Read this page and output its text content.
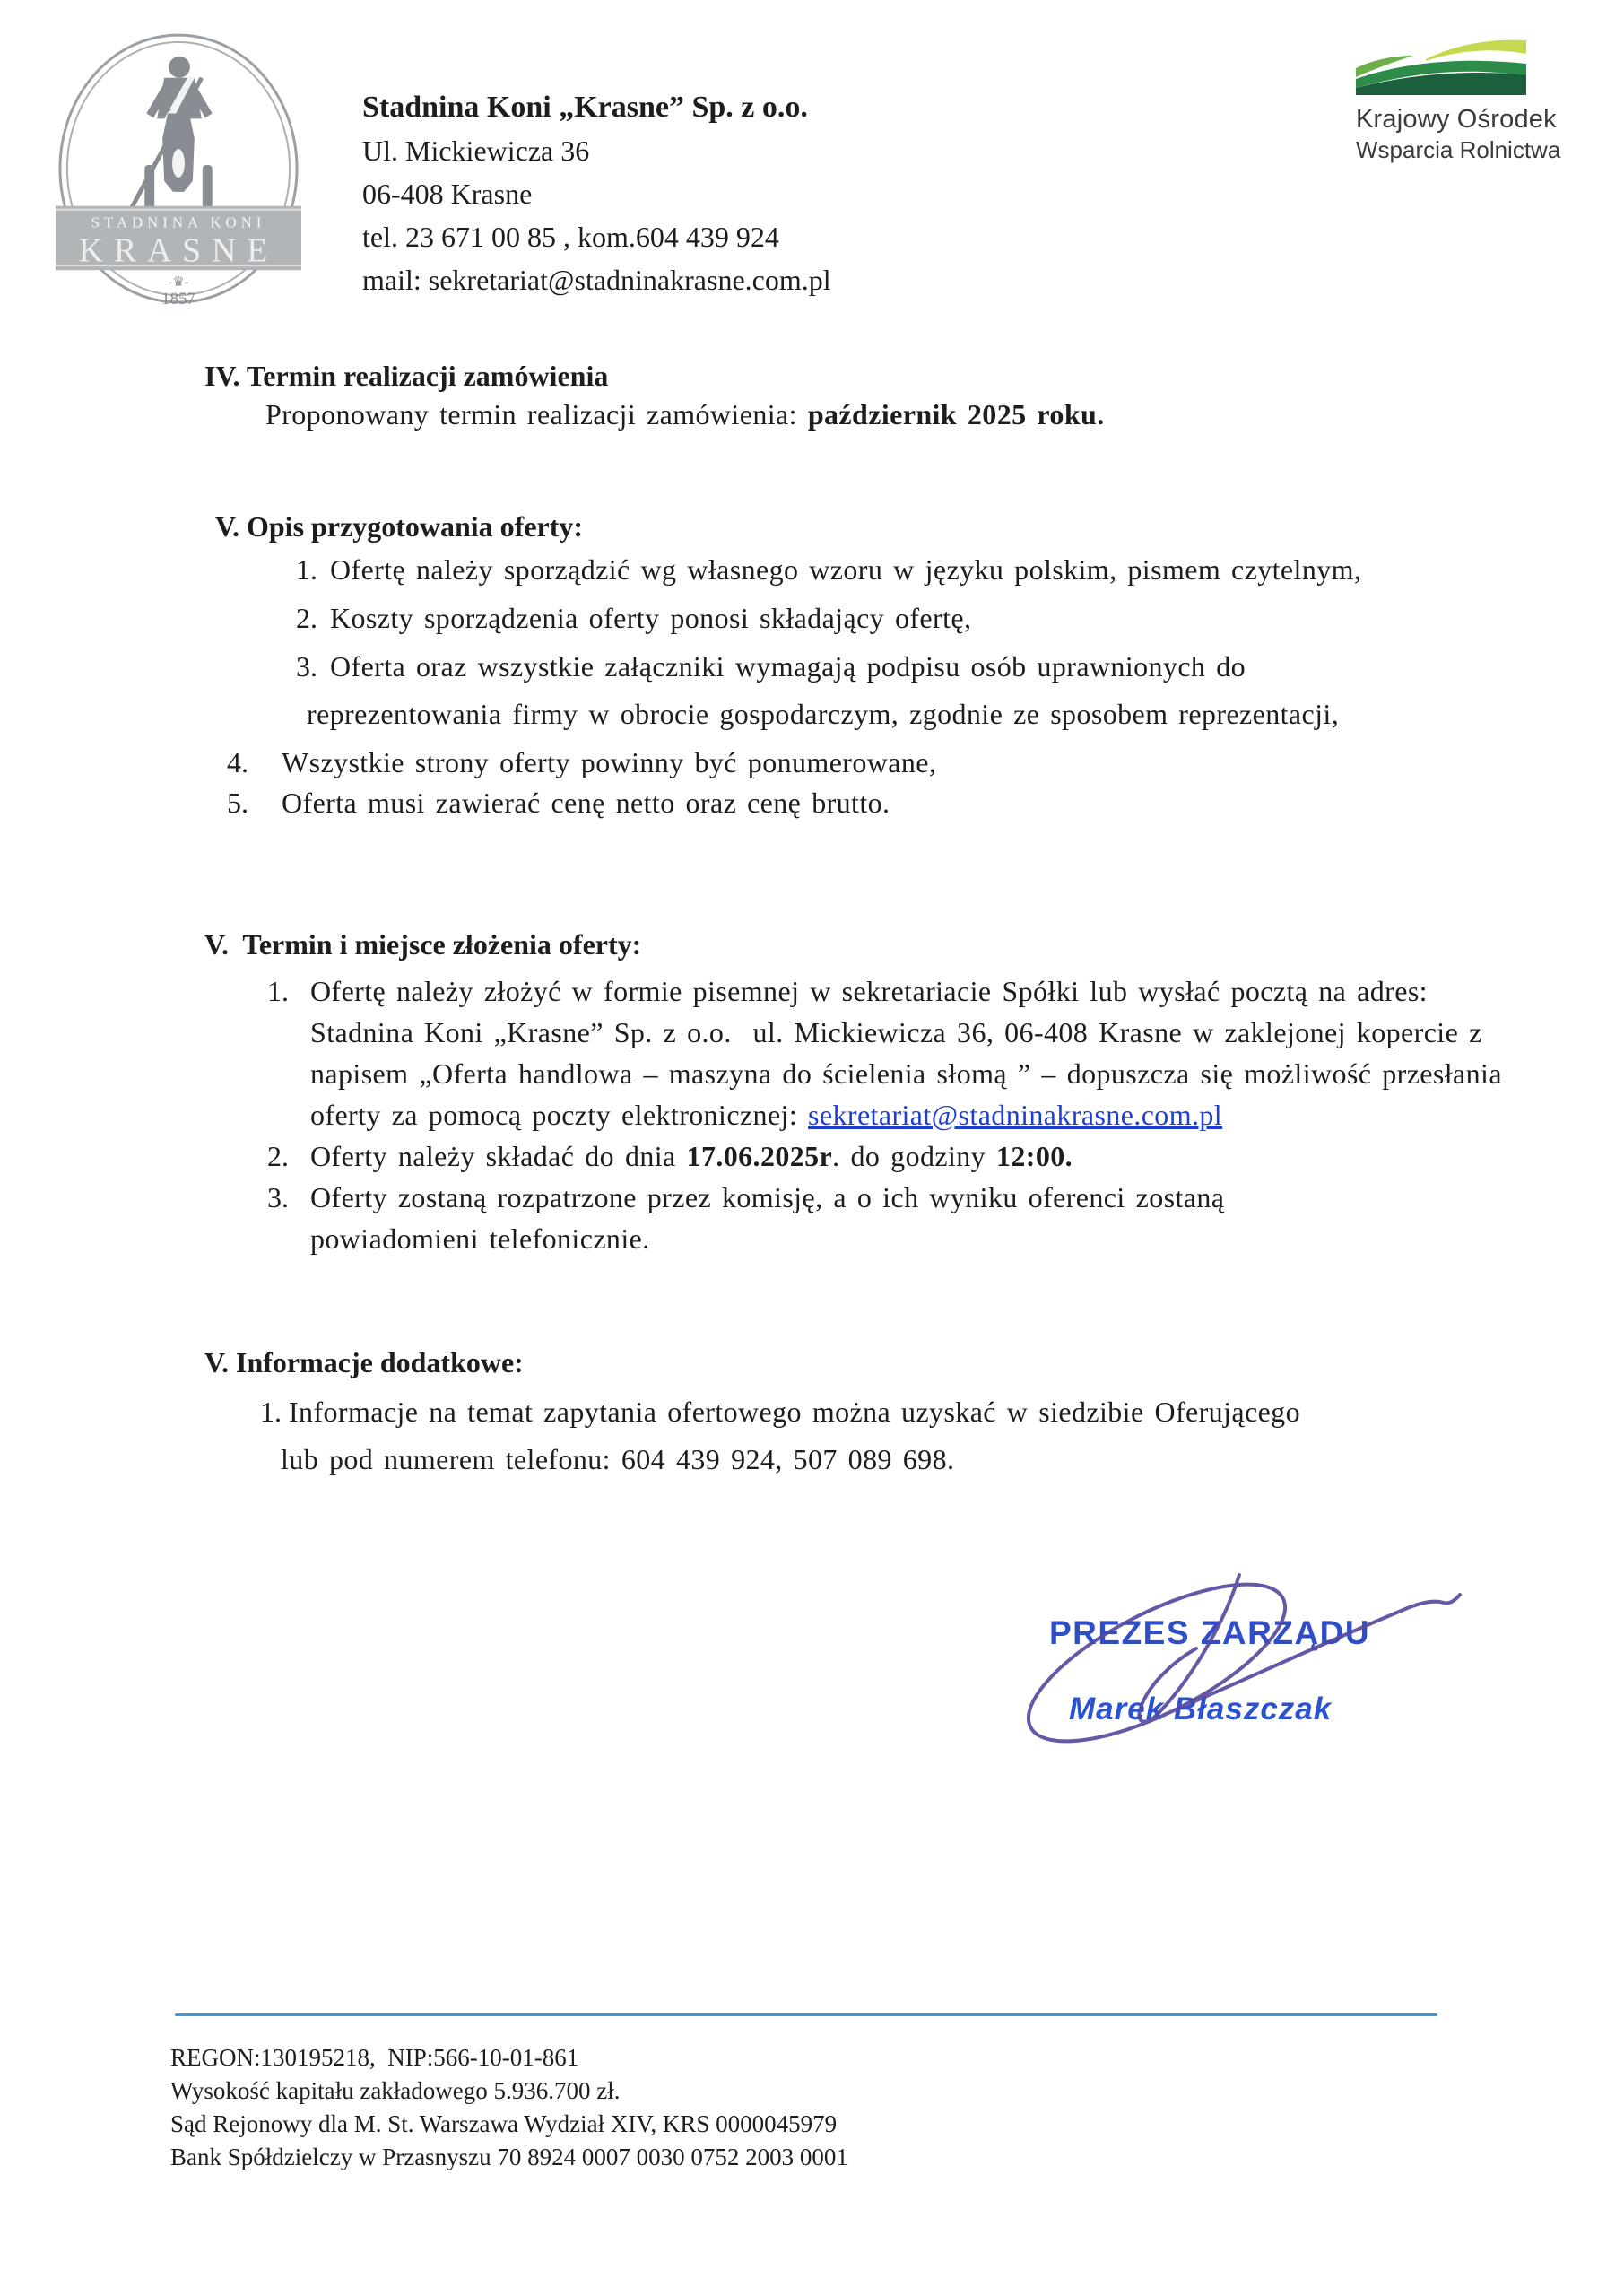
STADNINA KONI
KRASNE
-♛-
1857
Stadnina Koni „Krasne” Sp. z o.o.
Ul. Mickiewicza 36
06-408 Krasne
tel. 23 671 00 85 , kom.604 439 924
mail: sekretariat@stadninakrasne.com.pl
Krajowy Ośrodek
Wsparcia Rolnictwa
IV. Termin realizacji zamówienia
Proponowany termin realizacji zamówienia: październik 2025 roku.
V. Opis przygotowania oferty:
1. Ofertę należy sporządzić wg własnego wzoru w języku polskim, pismem czytelnym,
2. Koszty sporządzenia oferty ponosi składający ofertę,
3. Oferta oraz wszystkie załączniki wymagają podpisu osób uprawnionych do
reprezentowania firmy w obrocie gospodarczym, zgodnie ze sposobem reprezentacji,
4.	Wszystkie strony oferty powinny być ponumerowane,
5.	Oferta musi zawierać cenę netto oraz cenę brutto.
V.  Termin i miejsce złożenia oferty:
1. Ofertę należy złożyć w formie pisemnej w sekretariacie Spółki lub wysłać pocztą na adres: Stadnina Koni „Krasne” Sp. z o.o.  ul. Mickiewicza 36, 06-408 Krasne w zaklejonej kopercie z napisem „Oferta handlowa – maszyna do ścielenia słomą ” – dopuszcza się możliwość przesłania oferty za pomocą poczty elektronicznej: sekretariat@stadninakrasne.com.pl
2. Oferty należy składać do dnia 17.06.2025r. do godziny 12:00.
3. Oferty zostaną rozpatrzone przez komisję, a o ich wyniku oferenci zostaną
powiadomieni telefonicznie.
V. Informacje dodatkowe:
1. Informacje na temat zapytania ofertowego można uzyskać w siedzibie Oferującego
lub pod numerem telefonu: 604 439 924, 507 089 698.
PREZES ZARZĄDU
Marek Błaszczak
REGON:130195218,  NIP:566-10-01-861
Wysokość kapitału zakładowego 5.936.700 zł.
Sąd Rejonowy dla M. St. Warszawa Wydział XIV, KRS 0000045979
Bank Spółdzielczy w Przasnyszu 70 8924 0007 0030 0752 2003 0001
